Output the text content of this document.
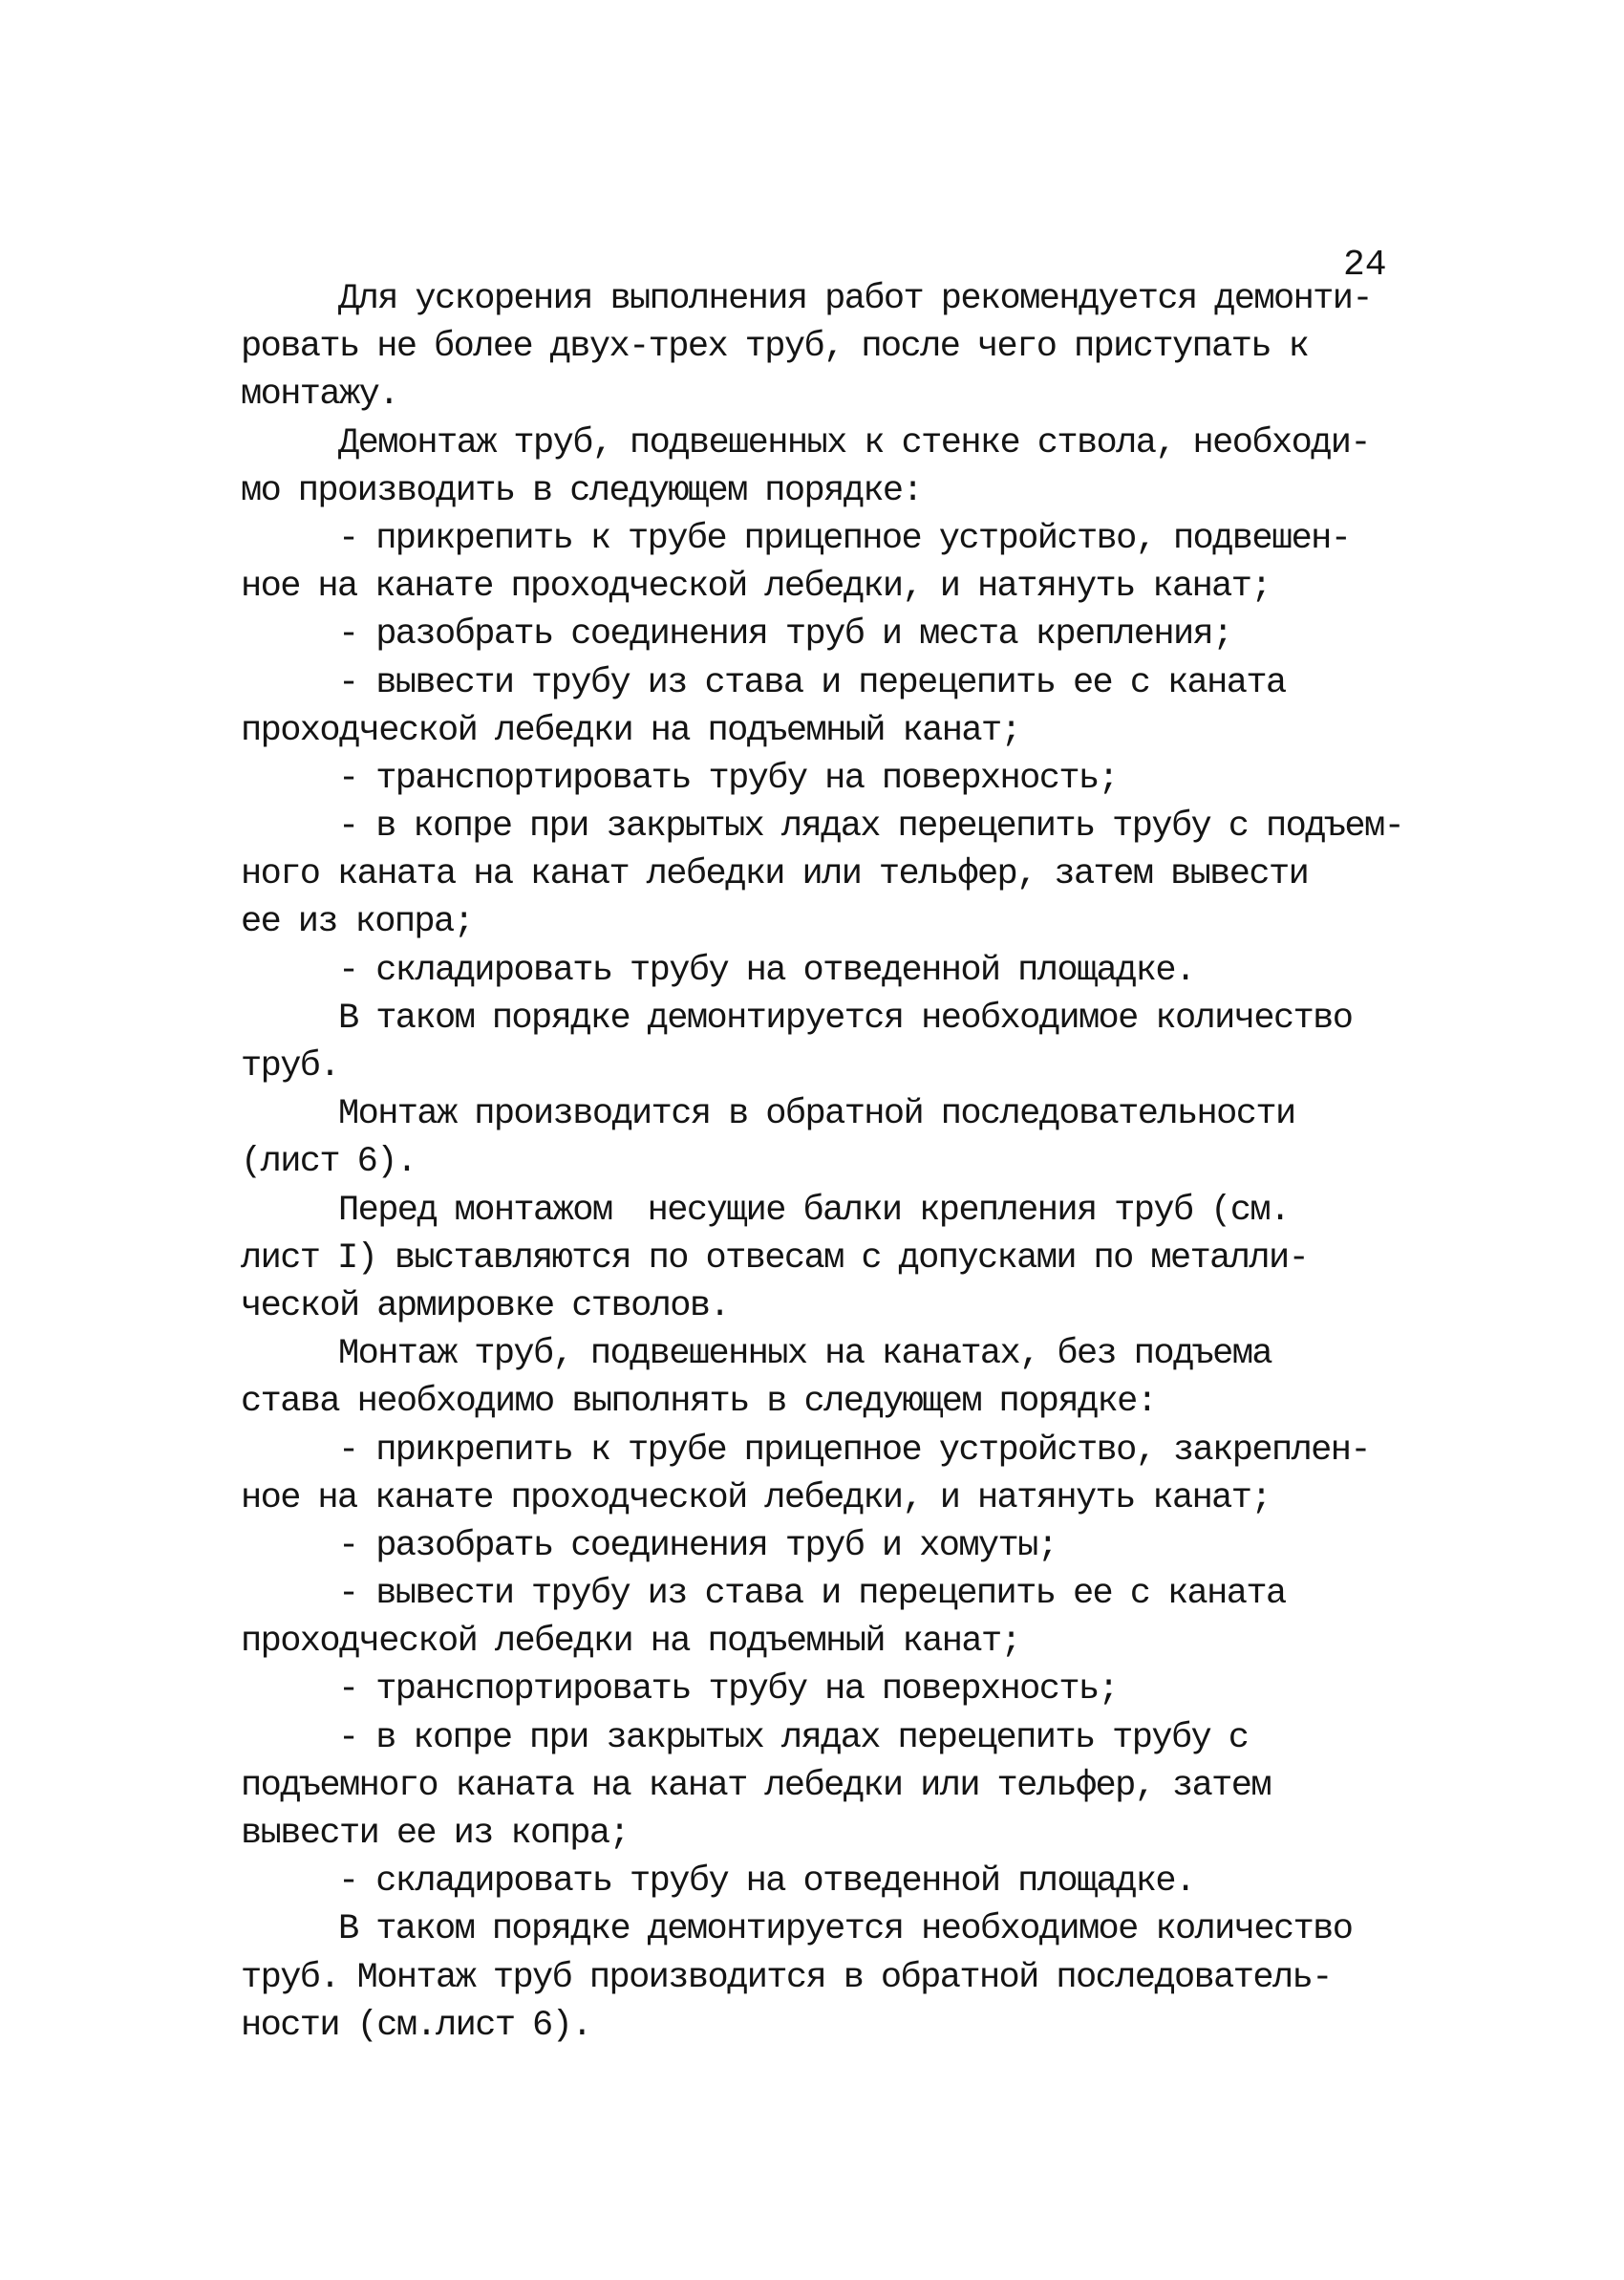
24
Для ускорения выполнения работ рекомендуется демонти-
ровать не более двух-трех труб, после чего приступать к
монтажу.
Демонтаж труб, подвешенных к стенке ствола, необходи-
мо производить в следующем порядке:
- прикрепить к трубе прицепное устройство, подвешен-
ное на канате проходческой лебедки, и натянуть канат;
- разобрать соединения труб и места крепления;
- вывести трубу из става и перецепить ее с каната
проходческой лебедки на подъемный канат;
- транспортировать трубу на поверхность;
- в копре при закрытых лядах перецепить трубу с подъем-
ного каната на канат лебедки или тельфер, затем вывести
ее из копра;
- складировать трубу на отведенной площадке.
В таком порядке демонтируется необходимое количество
труб.
Монтаж производится в обратной последовательности
(лист 6).
Перед монтажом  несущие балки крепления труб (см.
лист I) выставляются по отвесам с допусками по металли-
ческой армировке стволов.
Монтаж труб, подвешенных на канатах, без подъема
става необходимо выполнять в следующем порядке:
- прикрепить к трубе прицепное устройство, закреплен-
ное на канате проходческой лебедки, и натянуть канат;
- разобрать соединения труб и хомуты;
- вывести трубу из става и перецепить ее с каната
проходческой лебедки на подъемный канат;
- транспортировать трубу на поверхность;
- в копре при закрытых лядах перецепить трубу с
подъемного каната на канат лебедки или тельфер, затем
вывести ее из копра;
- складировать трубу на отведенной площадке.
В таком порядке демонтируется необходимое количество
труб. Монтаж труб производится в обратной последователь-
ности (см.лист 6).
